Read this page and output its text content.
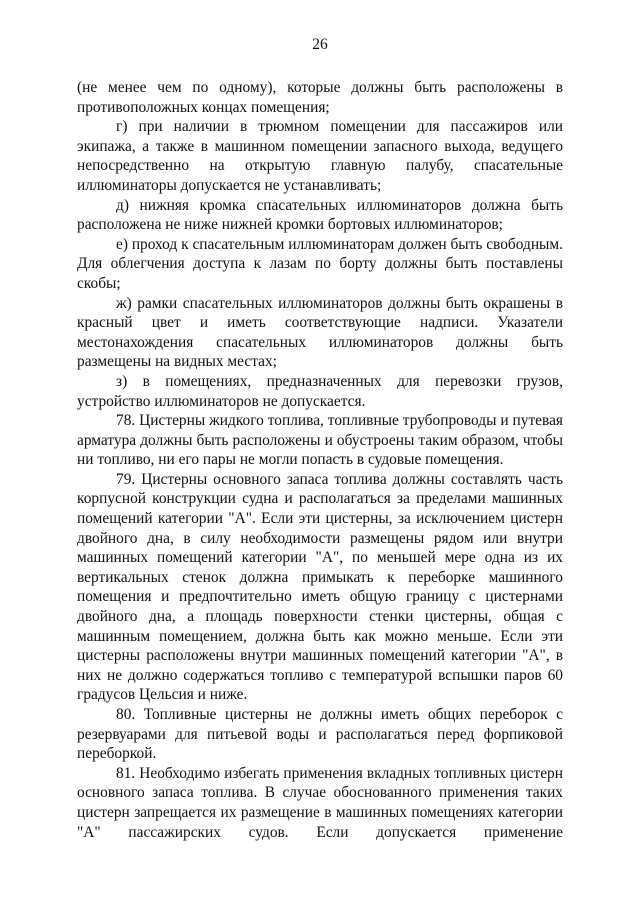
26

(не менее чем по одному), которые должны быть расположены в противоположных концах помещения;

г) при наличии в трюмном помещении для пассажиров или экипажа, а также в машинном помещении запасного выхода, ведущего непосредственно на открытую главную палубу, спасательные иллюминаторы допускается не устанавливать;

д) нижняя кромка спасательных иллюминаторов должна быть расположена не ниже нижней кромки бортовых иллюминаторов;

е) проход к спасательным иллюминаторам должен быть свободным. Для облегчения доступа к лазам по борту должны быть поставлены скобы;

ж) рамки спасательных иллюминаторов должны быть окрашены в красный цвет и иметь соответствующие надписи. Указатели местонахождения спасательных иллюминаторов должны быть размещены на видных местах;

з) в помещениях, предназначенных для перевозки грузов, устройство иллюминаторов не допускается.

78. Цистерны жидкого топлива, топливные трубопроводы и путевая арматура должны быть расположены и обустроены таким образом, чтобы ни топливо, ни его пары не могли попасть в судовые помещения.

79. Цистерны основного запаса топлива должны составлять часть корпусной конструкции судна и располагаться за пределами машинных помещений категории "А". Если эти цистерны, за исключением цистерн двойного дна, в силу необходимости размещены рядом или внутри машинных помещений категории "А", по меньшей мере одна из их вертикальных стенок должна примыкать к переборке машинного помещения и предпочтительно иметь общую границу с цистернами двойного дна, а площадь поверхности стенки цистерны, общая с машинным помещением, должна быть как можно меньше. Если эти цистерны расположены внутри машинных помещений категории "А", в них не должно содержаться топливо с температурой вспышки паров 60 градусов Цельсия и ниже.

80. Топливные цистерны не должны иметь общих переборок с резервуарами для питьевой воды и располагаться перед форпиковой переборкой.

81. Необходимо избегать применения вкладных топливных цистерн основного запаса топлива. В случае обоснованного применения таких цистерн запрещается их размещение в машинных помещениях категории "А" пассажирских судов. Если допускается применение
